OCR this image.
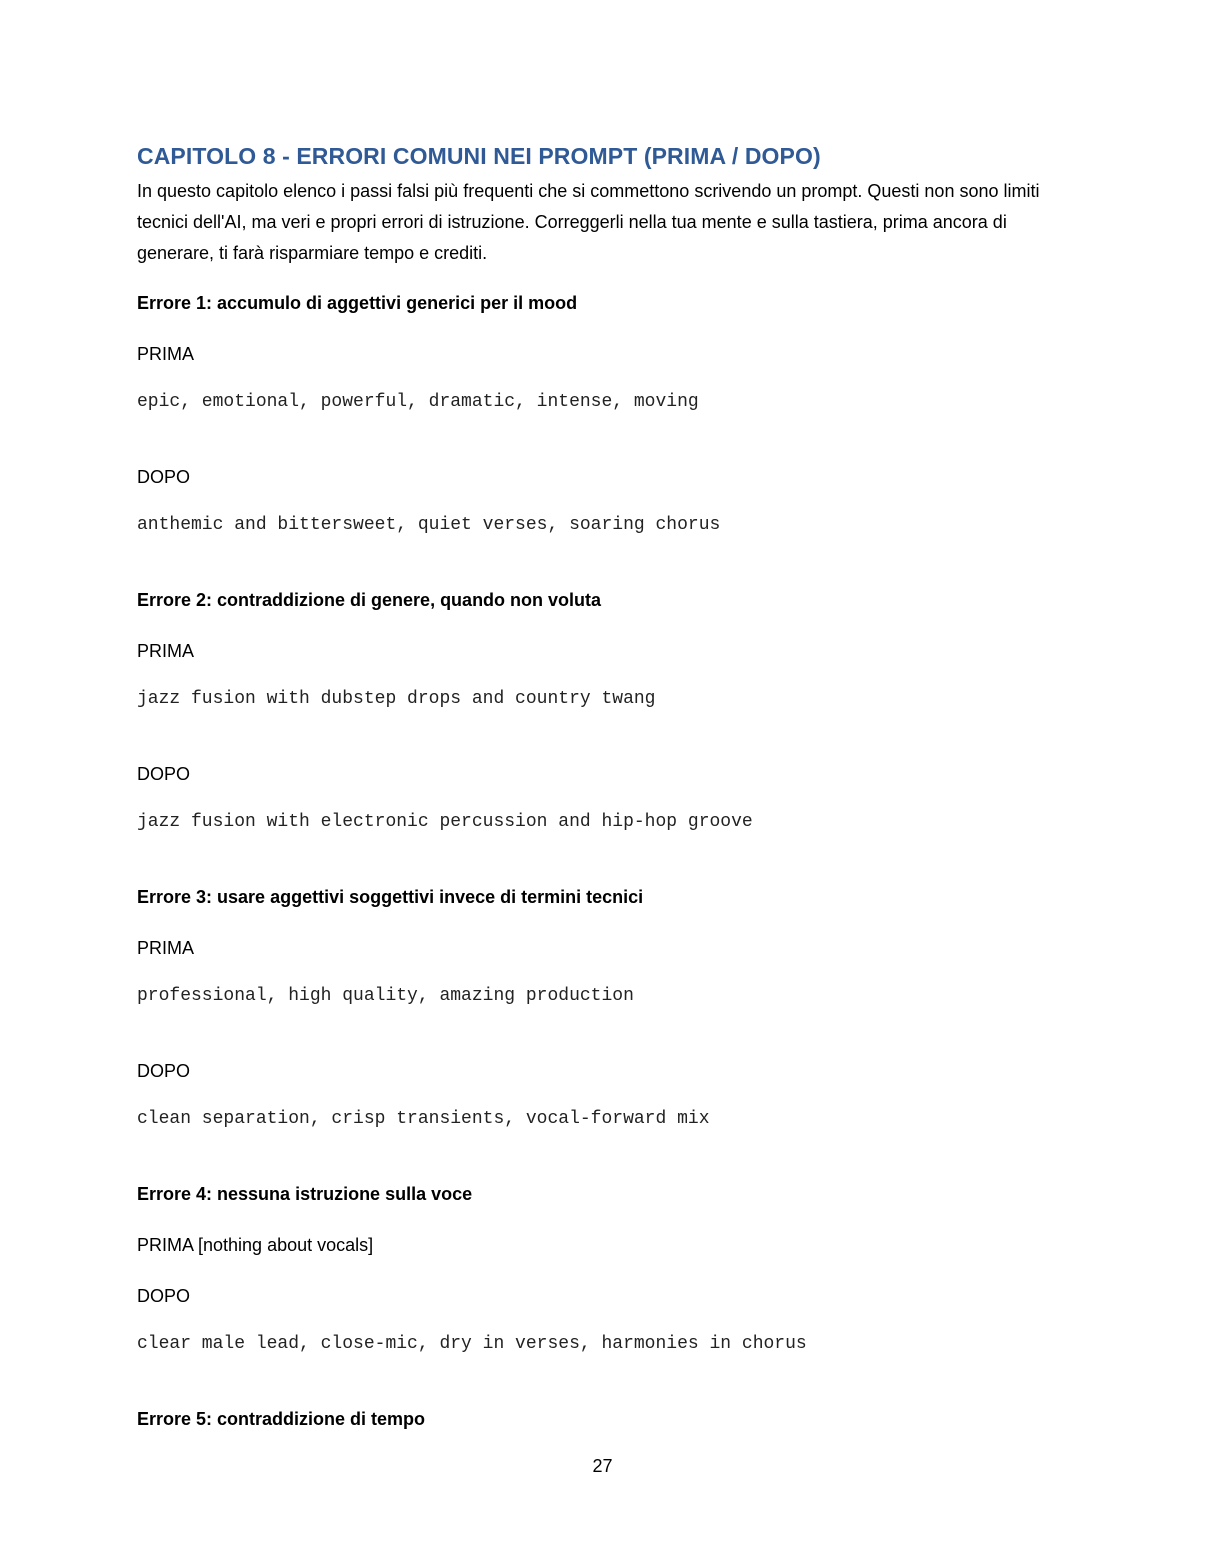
CAPITOLO 8 - ERRORI COMUNI NEI PROMPT (PRIMA / DOPO)

In questo capitolo elenco i passi falsi più frequenti che si commettono scrivendo un prompt. Questi non sono limiti tecnici dell'AI, ma veri e propri errori di istruzione. Correggerli nella tua mente e sulla tastiera, prima ancora di generare, ti farà risparmiare tempo e crediti.

Errore 1: accumulo di aggettivi generici per il mood

PRIMA

epic, emotional, powerful, dramatic, intense, moving

DOPO

anthemic and bittersweet, quiet verses, soaring chorus

Errore 2: contraddizione di genere, quando non voluta

PRIMA

jazz fusion with dubstep drops and country twang

DOPO

jazz fusion with electronic percussion and hip-hop groove

Errore 3: usare aggettivi soggettivi invece di termini tecnici

PRIMA

professional, high quality, amazing production

DOPO

clean separation, crisp transients, vocal-forward mix

Errore 4: nessuna istruzione sulla voce

PRIMA [nothing about vocals]

DOPO

clear male lead, close-mic, dry in verses, harmonies in chorus

Errore 5: contraddizione di tempo

27
